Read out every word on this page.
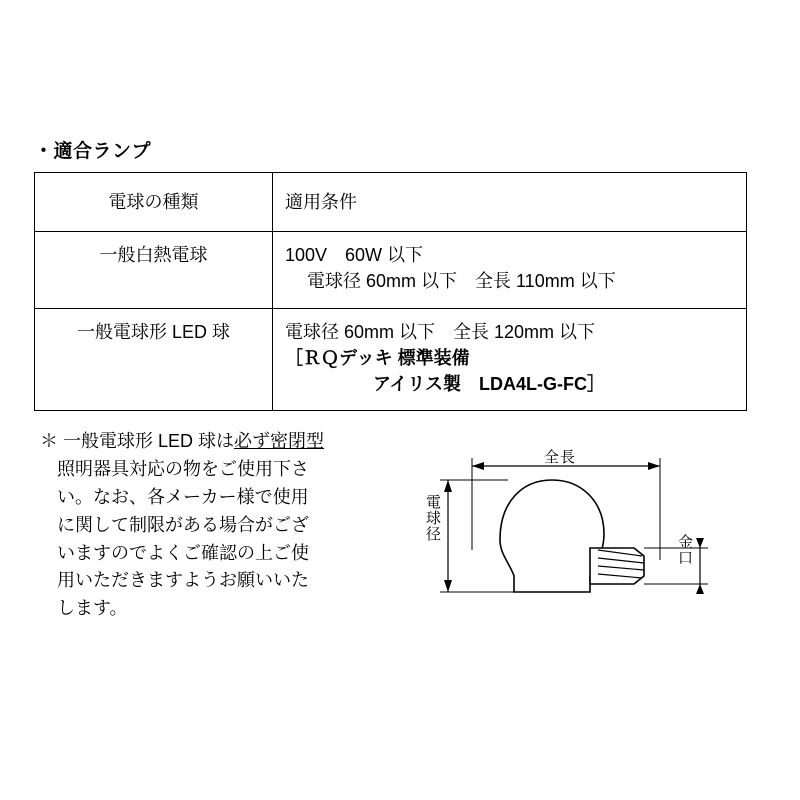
・適合ランプ
電球の種類	適用条件

一般白熱電球	100V　60W 以下
電球径 60mm 以下　全長 110mm 以下

一般電球形 LED 球	電球径 60mm 以下　全長 120mm 以下
［ＲＱデッキ 標準装備
アイリス製　LDA4L-G-FC］
＊ 一般電球形 LED 球は必ず密閉型
照明器具対応の物をご使用下さ
い。なお、各メーカー様で使用
に関して制限がある場合がござ
いますのでよくご確認の上ご使
用いただきますようお願いいた
します。
全長
電球径
金口
